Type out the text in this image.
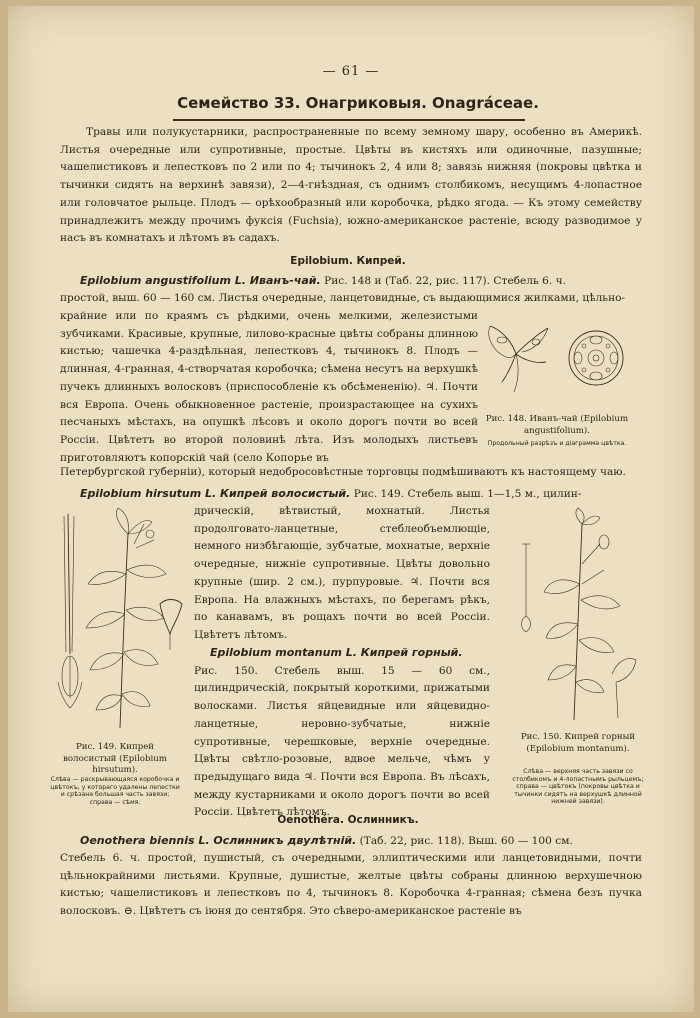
— 61 —
Семейство 33. Онагриковыя. Onagráceae.

Травы или полукустарники, распространенные по всему земному шару, особенно въ Америкѣ. Листья очередные или супротивные, простые. Цвѣты въ кистяхъ или одиночные, пазушные; чашелистиковъ и лепестковъ по 2 или по 4; тычинокъ 2, 4 или 8; завязь нижняя (покровы цвѣтка и тычинки сидятъ на верхинѣ завязи), 2—4-гнѣздная, съ однимъ столбикомъ, несущимъ 4-лопастное или головчатое рыльце. Плодъ — орѣхообразный или коробочка, рѣдко ягода. — Къ этому семейству принадлежитъ между прочимъ фуксія (Fuchsia), южно-американское растеніе, всюду разводимое у насъ въ комнатахъ и лѣтомъ въ садахъ.

Epilobium. Кипрей.

Epilobium angustifolium L. Иванъ-чай. Рис. 148 и (Таб. 22, рис. 117). Стебель 6. ч.

простой, выш. 60 — 160 см. Листья очередные, ланцетовидные, съ выдающимися жилками, цѣльно-

крайние или по краямъ съ рѣдкими, очень мелкими, железистыми зубчиками. Красивые, крупные, лилово-красные цвѣты собраны длинною кистью; чашечка 4-раздѣльная, лепестковъ 4, тычинокъ 8. Плодъ — длинная, 4-гранная, 4-створчатая коробочка; сѣмена несутъ на верхушкѣ пучекъ длинныхъ волосковъ (приспособленіе къ обсѣмененію). ♃. Почти вся Европа. Очень обыкновенное растеніе, произрастающее на сухихъ песчаныхъ мѣстахъ, на опушкѣ лѣсовъ и около дорогъ почти во всей Россіи. Цвѣтетъ во второй половинѣ лѣта. Изъ молодыхъ листьевъ приготовляютъ копорскій чай (село Копорье въ

Петербургской губерніи), который недобросовѣстные торговцы подмѣшиваютъ къ настоящему чаю.

Рис. 148. Иванъ-чай (Epilobium angustifolium).
Продольный разрѣзъ и діаграмма цвѣтка.

Epilobium hirsutum L. Кипрей волосистый. Рис. 149. Стебель выш. 1—1,5 м., цилин-

дрическій, вѣтвистый, мохнатый. Листья продолговато-ланцетные, стеблеобъемлющіе, немного низбѣгающіе, зубчатые, мохнатые, верхніе очередные, нижніе супротивные. Цвѣты довольно крупные (шир. 2 см.), пурпуровые. ♃. Почти вся Европа. На влажныхъ мѣстахъ, по берегамъ рѣкъ, по канавамъ, въ рощахъ почти во всей Россіи. Цвѣтетъ лѣтомъ.

Рис. 149. Кипрей волосистый (Epilobium hirsutum).
Слѣва — раскрывающаяся коробочка и цвѣтокъ, у котораго удалены лепестки и срѣзана большая часть завязи; справа — сѣмя.

Epilobium montanum L. Кипрей горный.
Рис. 150. Стебель выш. 15 — 60 см., цилиндрическій, покрытый короткими, прижатыми волосками. Листья яйцевидные или яйцевидно-ланцетные, неровно-зубчатые, нижніе супротивные, черешковые, верхніе очередные. Цвѣты свѣтло-розовые, вдвое мельче, чѣмъ у предыдущаго вида ♃. Почти вся Европа. Въ лѣсахъ, между кустарниками и около дорогъ почти во всей Россіи. Цвѣтетъ лѣтомъ.

Рис. 150. Кипрей горный (Epilobium montanum).
Слѣва — верхняя часть завязи со столбикомъ и 4-лопастнымъ рыльцемъ; справа — цвѣтокъ (покровы цвѣтка и тычинки сидятъ на верхушкѣ длинной нижней завязи).
Oenothéra. Ослинникъ.

Oenothera biennis L. Ослинникъ двулѣтній. (Таб. 22, рис. 118). Выш. 60 — 100 см.

Стебель 6. ч. простой, пушистый, съ очередными, эллиптическими или ланцетовидными, почти цѣльнокрайними листьями. Крупные, душистые, желтые цвѣты собраны длинною верхушечною кистью; чашелистиковъ и лепестковъ по 4, тычинокъ 8. Коробочка 4-гранная; сѣмена безъ пучка волосковъ. ⊖. Цвѣтетъ съ іюня до сентября. Это сѣверо-американское растеніе въ
